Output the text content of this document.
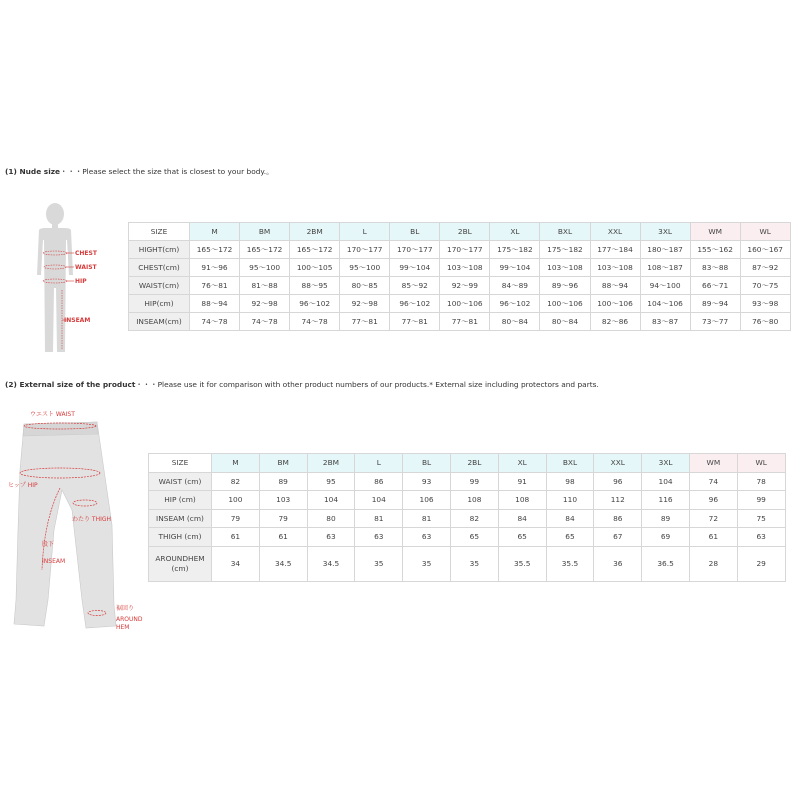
(1) Nude size・・・Please select the size that is closest to your body.。
CHEST
WAIST
HIP
INSEAM
SIZE	M	BM	2BM	L	BL	2BL	XL	BXL	XXL	3XL	WM	WL
HIGHT(cm)	165～172	165～172	165～172	170～177	170～177	170～177	175～182	175～182	177～184	180～187	155～162	160～167
CHEST(cm)	91～96	95～100	100～105	95～100	99～104	103～108	99～104	103～108	103～108	108～187	83～88	87～92
WAIST(cm)	76～81	81～88	88～95	80～85	85～92	92～99	84～89	89～96	88～94	94～100	66～71	70～75
HIP(cm)	88～94	92～98	96～102	92～98	96～102	100～106	96～102	100～106	100～106	104～106	89～94	93～98
INSEAM(cm)	74～78	74～78	74～78	77～81	77～81	77～81	80～84	80～84	82～86	83～87	73～77	76～80
(2) External size of the product・・・Please use it for comparison with other product numbers of our products.* External size including protectors and parts.
ウエスト WAIST
ヒップ HIP
わたり THIGH
股下
INSEAM
裾回り
AROUND
HEM
SIZE	M	BM	2BM	L	BL	2BL	XL	BXL	XXL	3XL	WM	WL
WAIST (cm)	82	89	95	86	93	99	91	98	96	104	74	78
HIP (cm)	100	103	104	104	106	108	108	110	112	116	96	99
INSEAM (cm)	79	79	80	81	81	82	84	84	86	89	72	75
THIGH (cm)	61	61	63	63	63	65	65	65	67	69	61	63
AROUNDHEM (cm)	34	34.5	34.5	35	35	35	35.5	35.5	36	36.5	28	29
